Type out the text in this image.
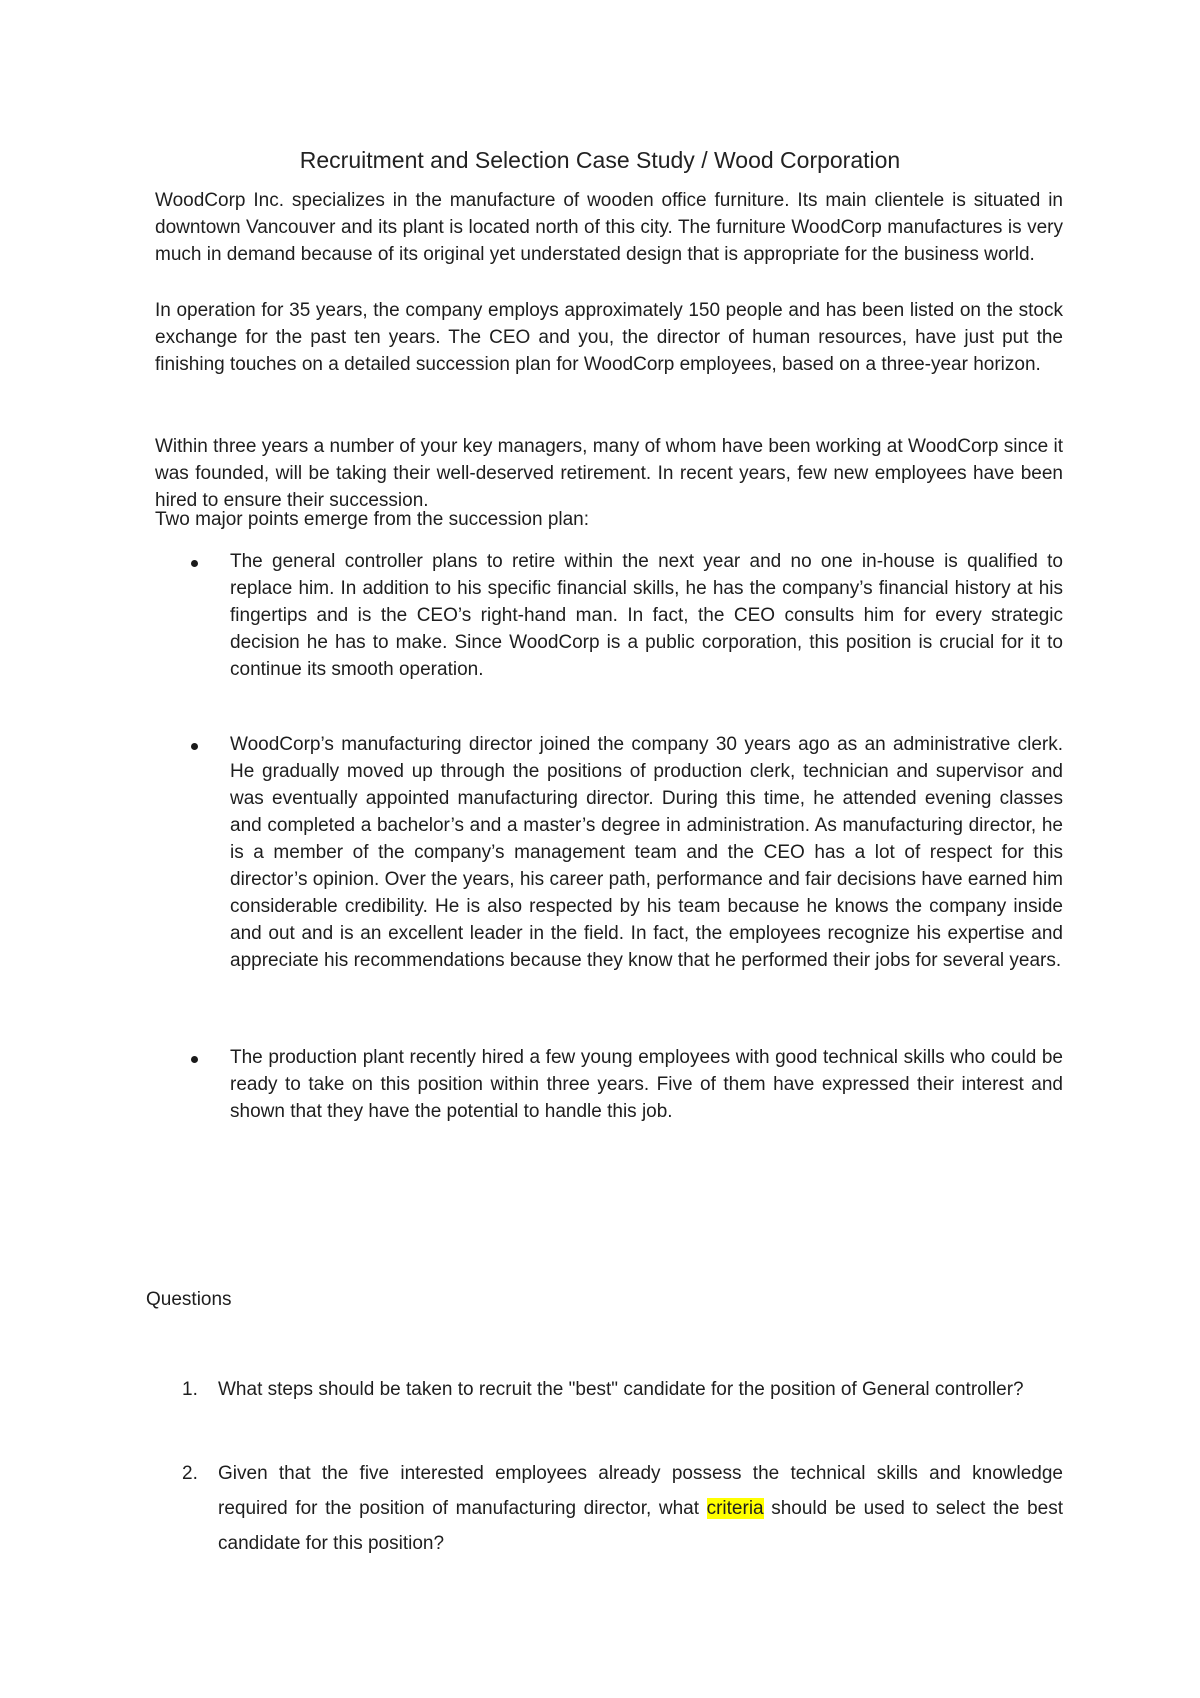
Recruitment and Selection Case Study / Wood Corporation
WoodCorp Inc. specializes in the manufacture of wooden office furniture. Its main clientele is situated in downtown Vancouver and its plant is located north of this city. The furniture WoodCorp manufactures is very much in demand because of its original yet understated design that is appropriate for the business world.
In operation for 35 years, the company employs approximately 150 people and has been listed on the stock exchange for the past ten years. The CEO and you, the director of human resources, have just put the finishing touches on a detailed succession plan for WoodCorp employees, based on a three-year horizon.
Within three years a number of your key managers, many of whom have been working at WoodCorp since it was founded, will be taking their well-deserved retirement. In recent years, few new employees have been hired to ensure their succession.
Two major points emerge from the succession plan:
The general controller plans to retire within the next year and no one in-house is qualified to replace him. In addition to his specific financial skills, he has the company’s financial history at his fingertips and is the CEO’s right-hand man. In fact, the CEO consults him for every strategic decision he has to make. Since WoodCorp is a public corporation, this position is crucial for it to continue its smooth operation.
WoodCorp’s manufacturing director joined the company 30 years ago as an administrative clerk. He gradually moved up through the positions of production clerk, technician and supervisor and was eventually appointed manufacturing director. During this time, he attended evening classes and completed a bachelor’s and a master’s degree in administration. As manufacturing director, he is a member of the company’s management team and the CEO has a lot of respect for this director’s opinion. Over the years, his career path, performance and fair decisions have earned him considerable credibility. He is also respected by his team because he knows the company inside and out and is an excellent leader in the field. In fact, the employees recognize his expertise and appreciate his recommendations because they know that he performed their jobs for several years.
The production plant recently hired a few young employees with good technical skills who could be ready to take on this position within three years. Five of them have expressed their interest and shown that they have the potential to handle this job.
Questions
1. What steps should be taken to recruit the "best" candidate for the position of General controller?
2. Given that the five interested employees already possess the technical skills and knowledge required for the position of manufacturing director, what criteria should be used to select the best candidate for this position?
